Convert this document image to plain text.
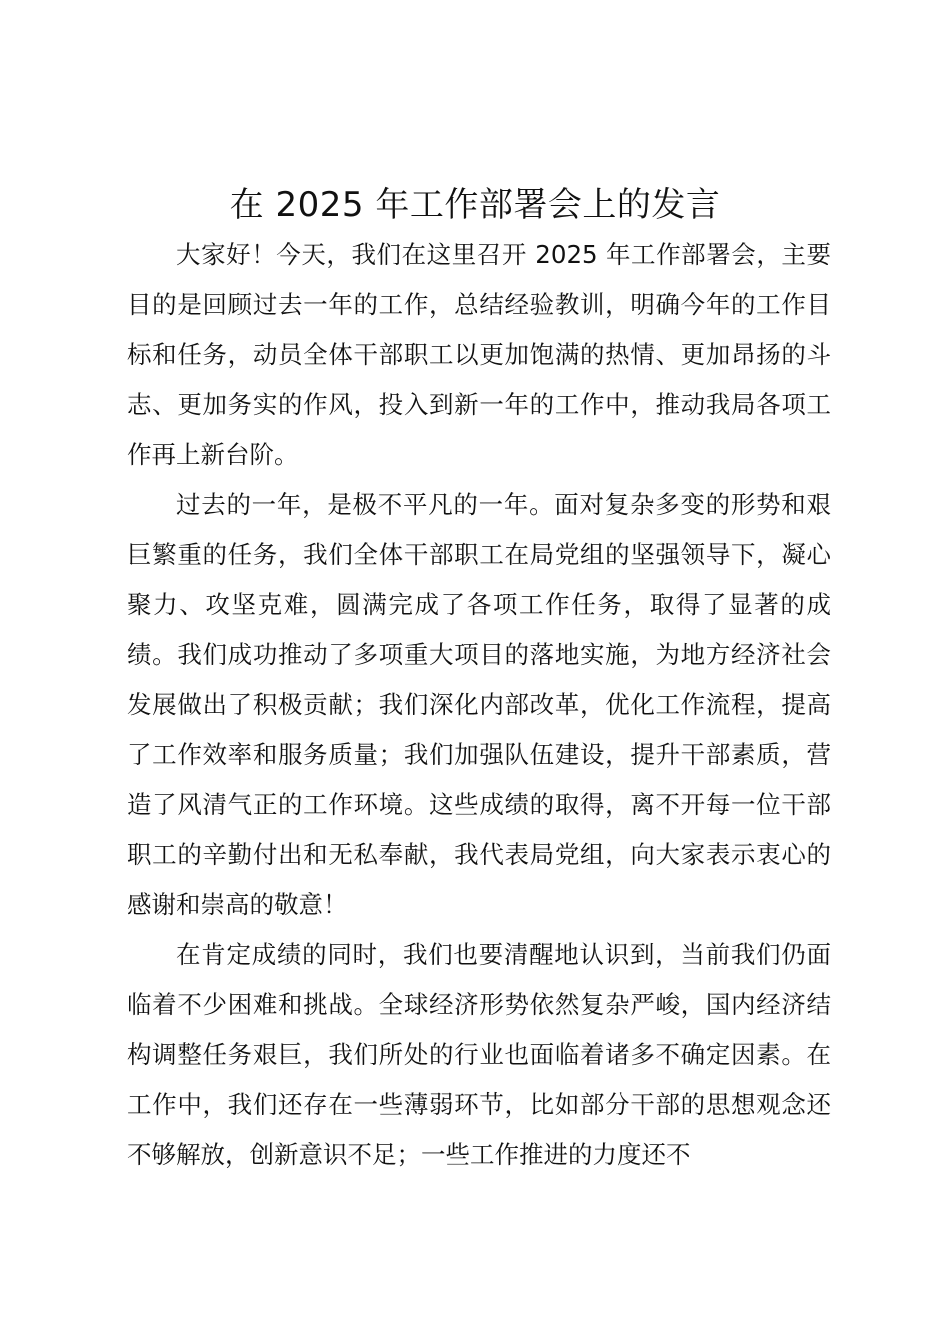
在 2025 年工作部署会上的发言

大家好！今天，我们在这里召开 2025 年工作部署会，主要目的是回顾过去一年的工作，总结经验教训，明确今年的工作目标和任务，动员全体干部职工以更加饱满的热情、更加昂扬的斗志、更加务实的作风，投入到新一年的工作中，推动我局各项工作再上新台阶。

过去的一年，是极不平凡的一年。面对复杂多变的形势和艰巨繁重的任务，我们全体干部职工在局党组的坚强领导下，凝心聚力、攻坚克难，圆满完成了各项工作任务，取得了显著的成绩。我们成功推动了多项重大项目的落地实施，为地方经济社会发展做出了积极贡献；我们深化内部改革，优化工作流程，提高了工作效率和服务质量；我们加强队伍建设，提升干部素质，营造了风清气正的工作环境。这些成绩的取得，离不开每一位干部职工的辛勤付出和无私奉献，我代表局党组，向大家表示衷心的感谢和崇高的敬意！

在肯定成绩的同时，我们也要清醒地认识到，当前我们仍面临着不少困难和挑战。全球经济形势依然复杂严峻，国内经济结构调整任务艰巨，我们所处的行业也面临着诸多不确定因素。在工作中，我们还存在一些薄弱环节，比如部分干部的思想观念还不够解放，创新意识不足；一些工作推进的力度还不
